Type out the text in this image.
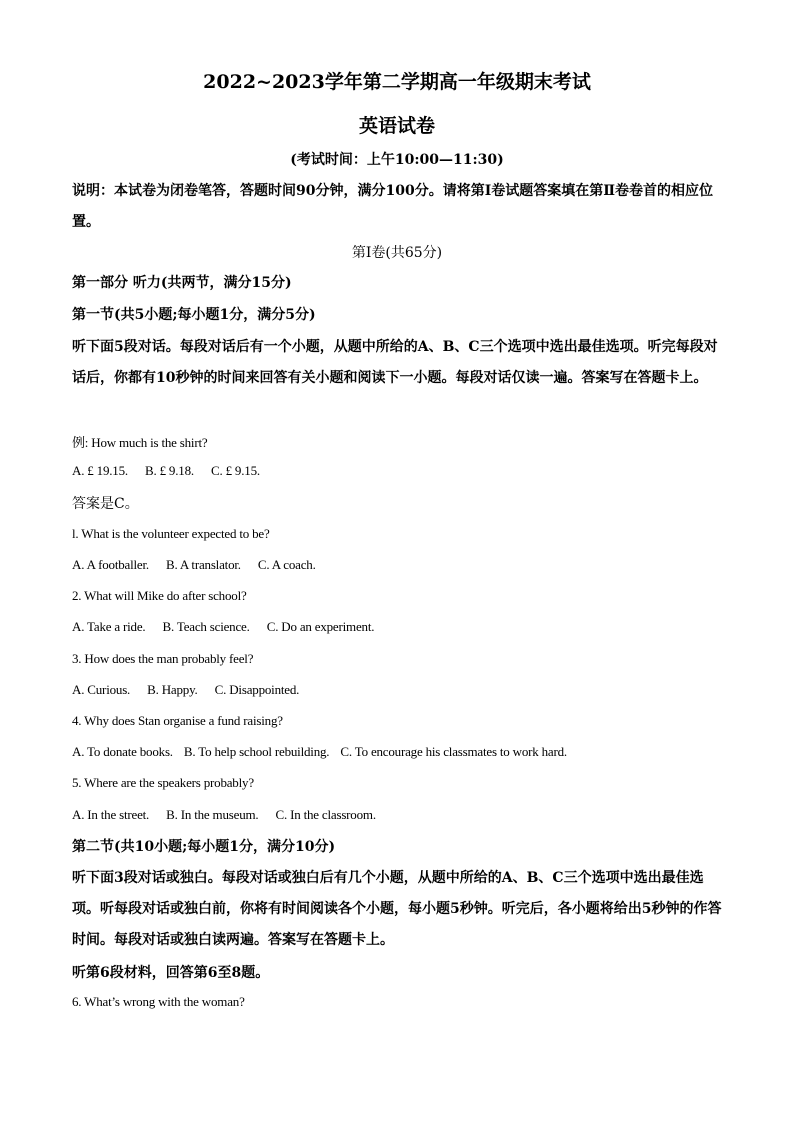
2022~2023学年第二学期高一年级期末考试
英语试卷
(考试时间：上午10:00—11:30)
说明：本试卷为闭卷笔答，答题时间90分钟，满分100分。请将第Ⅰ卷试题答案填在第Ⅱ卷卷首的相应位置。
第Ⅰ卷(共65分)
第一部分 听力(共两节，满分15分)
第一节(共5小题;每小题1分，满分5分)
听下面5段对话。每段对话后有一个小题，从题中所给的A、B、C三个选项中选出最佳选项。听完每段对话后，你都有10秒钟的时间来回答有关小题和阅读下一小题。每段对话仅读一遍。答案写在答题卡上。
例: How much is the shirt?
A. £ 19.15. B. £ 9.18. C. £ 9.15.
答案是C。
l. What is the volunteer expected to be?
A. A footballer. B. A translator. C. A coach.
2. What will Mike do after school?
A. Take a ride. B. Teach science. C. Do an experiment.
3. How does the man probably feel?
A. Curious. B. Happy. C. Disappointed.
4. Why does Stan organise a fund raising?
A. To donate books. B. To help school rebuilding. C. To encourage his classmates to work hard.
5. Where are the speakers probably?
A. In the street. B. In the museum. C. In the classroom.
第二节(共10小题;每小题1分，满分10分)
听下面3段对话或独白。每段对话或独白后有几个小题，从题中所给的A、B、C三个选项中选出最佳选项。听每段对话或独白前，你将有时间阅读各个小题，每小题5秒钟。听完后，各小题将给出5秒钟的作答时间。每段对话或独白读两遍。答案写在答题卡上。
听第6段材料，回答第6至8题。
6. What’s wrong with the woman?
